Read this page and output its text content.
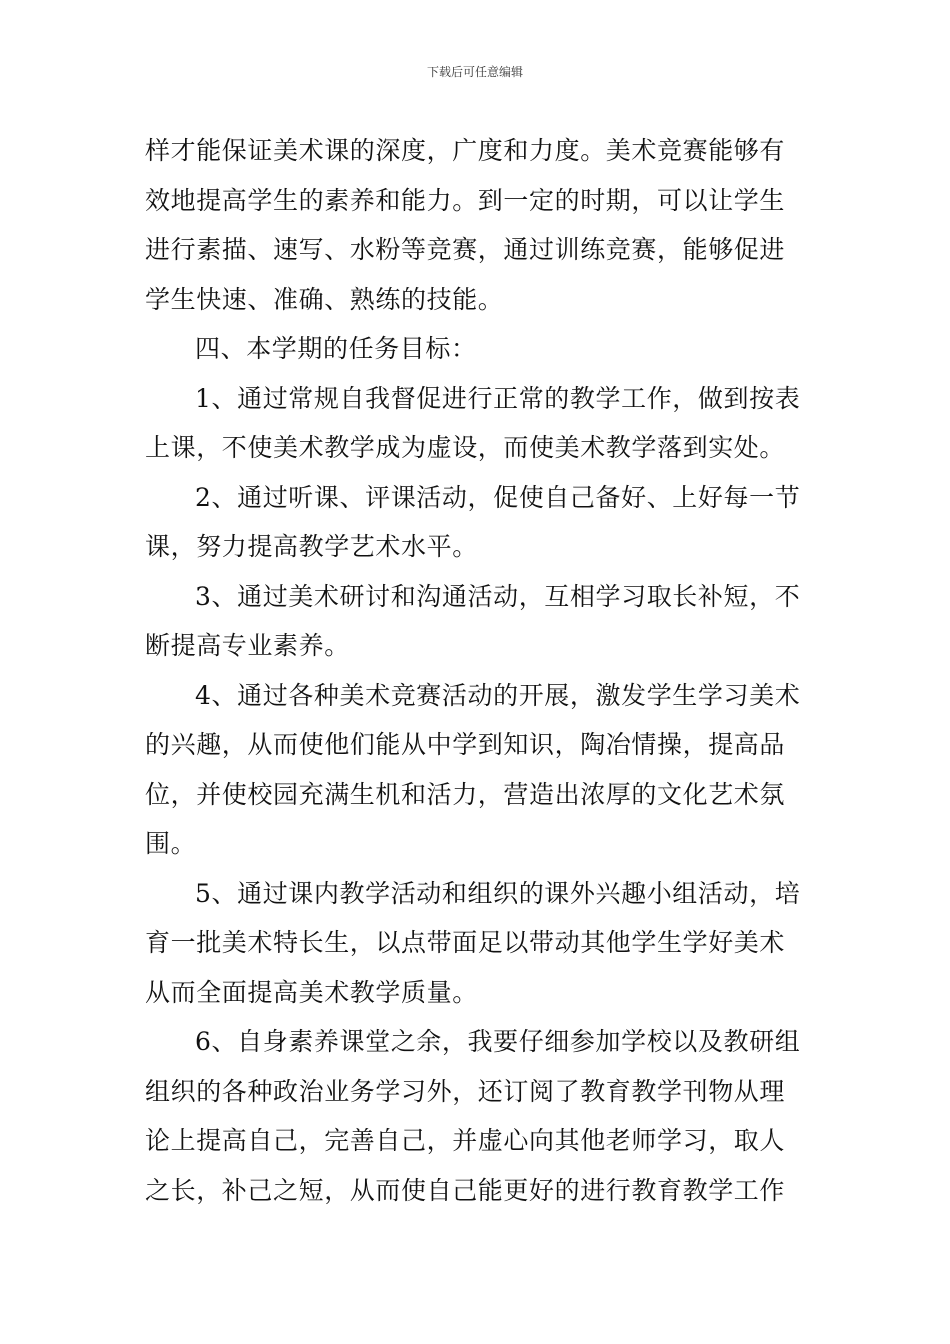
下载后可任意编辑
样才能保证美术课的深度，广度和力度。美术竞赛能够有
效地提高学生的素养和能力。到一定的时期，可以让学生
进行素描、速写、水粉等竞赛，通过训练竞赛，能够促进
学生快速、准确、熟练的技能。
四、本学期的任务目标：
1、通过常规自我督促进行正常的教学工作，做到按表
上课，不使美术教学成为虚设，而使美术教学落到实处。
2、通过听课、评课活动，促使自己备好、上好每一节
课，努力提高教学艺术水平。
3、通过美术研讨和沟通活动，互相学习取长补短，不
断提高专业素养。
4、通过各种美术竞赛活动的开展，激发学生学习美术
的兴趣，从而使他们能从中学到知识，陶冶情操，提高品
位，并使校园充满生机和活力，营造出浓厚的文化艺术氛
围。
5、通过课内教学活动和组织的课外兴趣小组活动，培
育一批美术特长生，以点带面足以带动其他学生学好美术
从而全面提高美术教学质量。
6、自身素养课堂之余，我要仔细参加学校以及教研组
组织的各种政治业务学习外，还订阅了教育教学刊物从理
论上提高自己，完善自己，并虚心向其他老师学习，取人
之长，补己之短，从而使自己能更好的进行教育教学工作
